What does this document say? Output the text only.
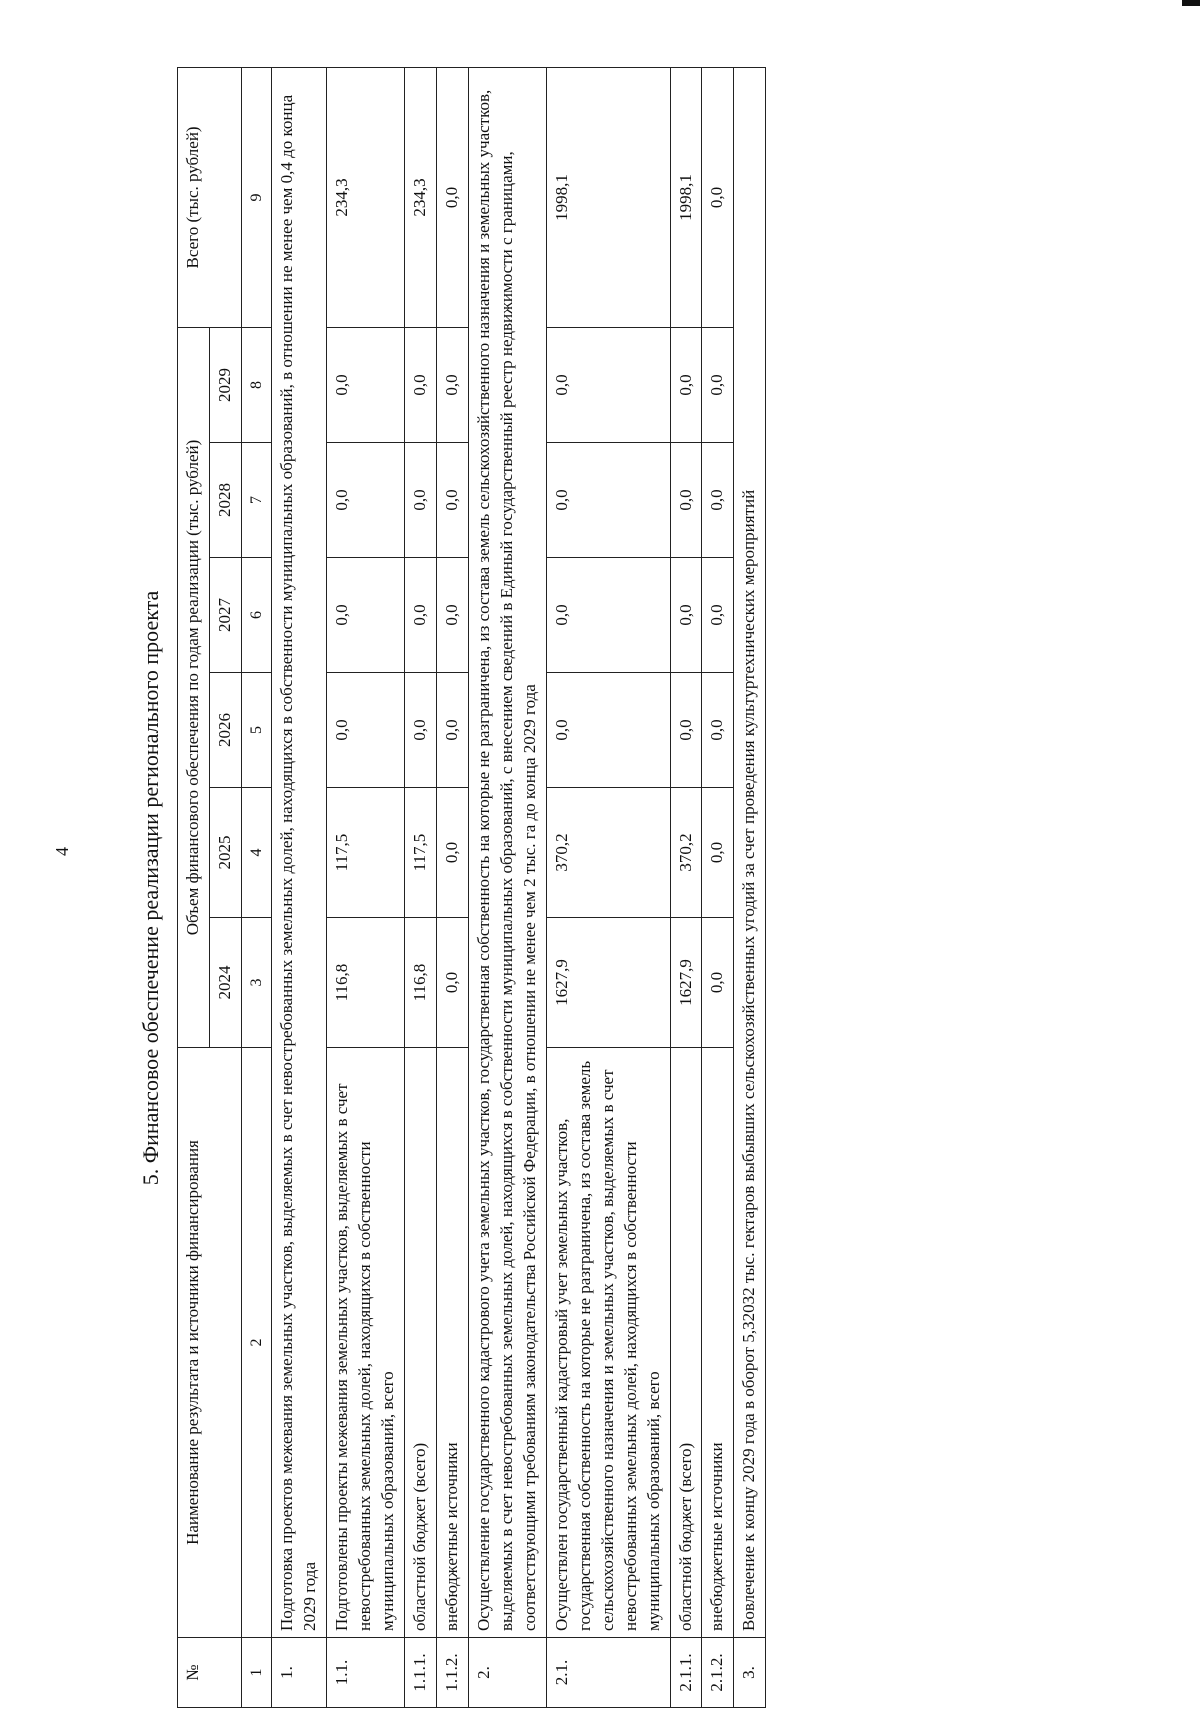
4	5. Финансовое обеспечение реализации регионального проекта
№	Наименование результата и источники финансирования	Объем финансового обеспечения по годам реализации (тыс. рублей)						Всего (тыс. рублей)
		2024	2025	2026	2027	2028	2029	
1	2	3	4	5	6	7	8	9
1.	Подготовка проектов межевания земельных участков, выделяемых в счет невостребованных земельных долей, находящихся в собственности муниципальных образований, в отношении не менее чем 0,4 до конца 2029 года							
1.1.	Подготовлены проекты межевания земельных участков, выделяемых в счет невостребованных земельных долей, находящихся в собственности муниципальных образований, всего	116,8	117,5	0,0	0,0	0,0	0,0	234,3
1.1.1.	областной бюджет (всего)	116,8	117,5	0,0	0,0	0,0	0,0	234,3
1.1.2.	внебюджетные источники	0,0	0,0	0,0	0,0	0,0	0,0	0,0
2.	Осуществление государственного кадастрового учета земельных участков, государственная собственность на которые не разграничена, из состава земель сельскохозяйственного назначения и земельных участков, выделяемых в счет невостребованных земельных долей, находящихся в собственности муниципальных образований, с внесением сведений в Единый государственный реестр недвижимости с границами, соответствующими требованиям законодательства Российской Федерации, в отношении не менее чем 2 тыс. га до конца 2029 года							
2.1.	Осуществлен государственный кадастровый учет земельных участков, государственная собственность на которые не разграничена, из состава земель сельскохозяйственного назначения и земельных участков, выделяемых в счет невостребованных земельных долей, находящихся в собственности муниципальных образований, всего	1627,9	370,2	0,0	0,0	0,0	0,0	1998,1
2.1.1.	областной бюджет (всего)	1627,9	370,2	0,0	0,0	0,0	0,0	1998,1
2.1.2.	внебюджетные источники	0,0	0,0	0,0	0,0	0,0	0,0	0,0
3.	Вовлечение к концу 2029 года в оборот 5,32032 тыс. гектаров выбывших сельскохозяйственных угодий за счет проведения культуртехнических мероприятий							
